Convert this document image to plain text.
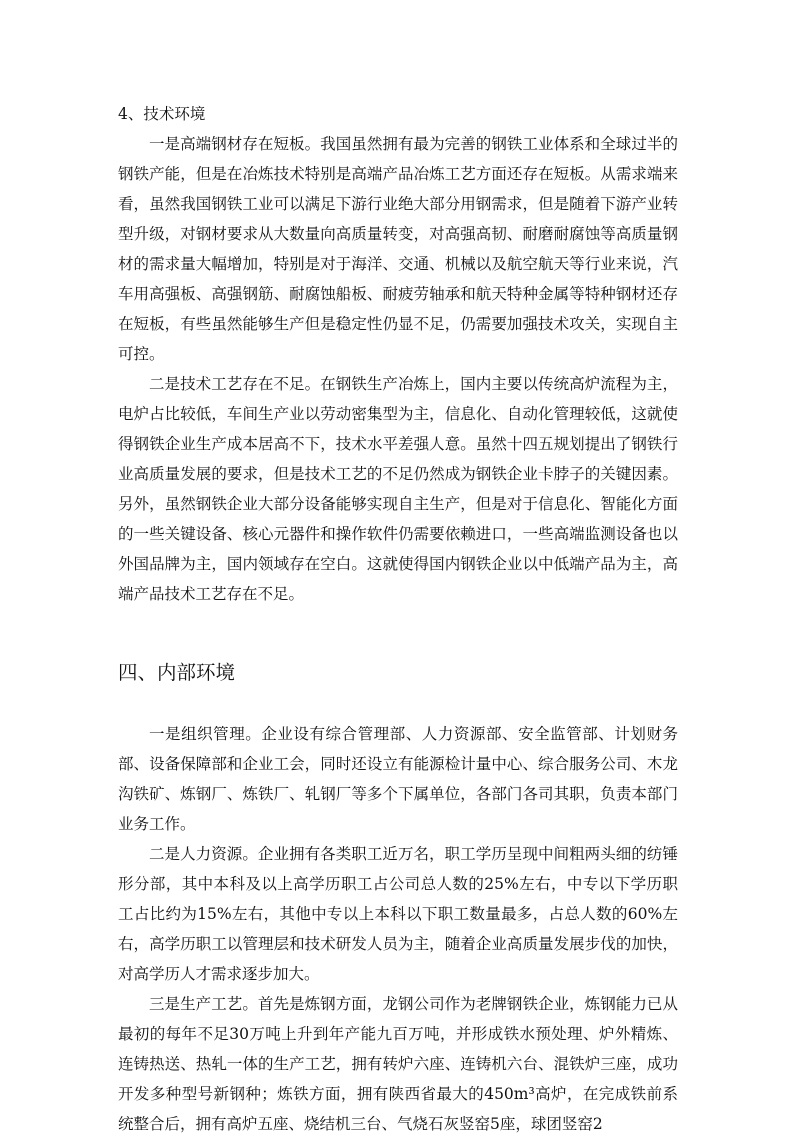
4、技术环境

一是高端钢材存在短板。我国虽然拥有最为完善的钢铁工业体系和全球过半的钢铁产能，但是在冶炼技术特别是高端产品冶炼工艺方面还存在短板。从需求端来看，虽然我国钢铁工业可以满足下游行业绝大部分用钢需求，但是随着下游产业转型升级，对钢材要求从大数量向高质量转变，对高强高韧、耐磨耐腐蚀等高质量钢材的需求量大幅增加，特别是对于海洋、交通、机械以及航空航天等行业来说，汽车用高强板、高强钢筋、耐腐蚀船板、耐疲劳轴承和航天特种金属等特种钢材还存在短板，有些虽然能够生产但是稳定性仍显不足，仍需要加强技术攻关，实现自主可控。

二是技术工艺存在不足。在钢铁生产冶炼上，国内主要以传统高炉流程为主，电炉占比较低，车间生产业以劳动密集型为主，信息化、自动化管理较低，这就使得钢铁企业生产成本居高不下，技术水平差强人意。虽然十四五规划提出了钢铁行业高质量发展的要求，但是技术工艺的不足仍然成为钢铁企业卡脖子的关键因素。另外，虽然钢铁企业大部分设备能够实现自主生产，但是对于信息化、智能化方面的一些关键设备、核心元器件和操作软件仍需要依赖进口，一些高端监测设备也以外国品牌为主，国内领域存在空白。这就使得国内钢铁企业以中低端产品为主，高端产品技术工艺存在不足。

四、内部环境

一是组织管理。企业设有综合管理部、人力资源部、安全监管部、计划财务部、设备保障部和企业工会，同时还设立有能源检计量中心、综合服务公司、木龙沟铁矿、炼钢厂、炼铁厂、轧钢厂等多个下属单位，各部门各司其职，负责本部门业务工作。

二是人力资源。企业拥有各类职工近万名，职工学历呈现中间粗两头细的纺锤形分部，其中本科及以上高学历职工占公司总人数的25%左右，中专以下学历职工占比约为15%左右，其他中专以上本科以下职工数量最多，占总人数的60%左右，高学历职工以管理层和技术研发人员为主，随着企业高质量发展步伐的加快，对高学历人才需求逐步加大。

三是生产工艺。首先是炼钢方面，龙钢公司作为老牌钢铁企业，炼钢能力已从最初的每年不足30万吨上升到年产能九百万吨，并形成铁水预处理、炉外精炼、连铸热送、热轧一体的生产工艺，拥有转炉六座、连铸机六台、混铁炉三座，成功开发多种型号新钢种；炼铁方面，拥有陕西省最大的450m³高炉，在完成铁前系统整合后，拥有高炉五座、烧结机三台、气烧石灰竖窑5座，球团竖窑2
